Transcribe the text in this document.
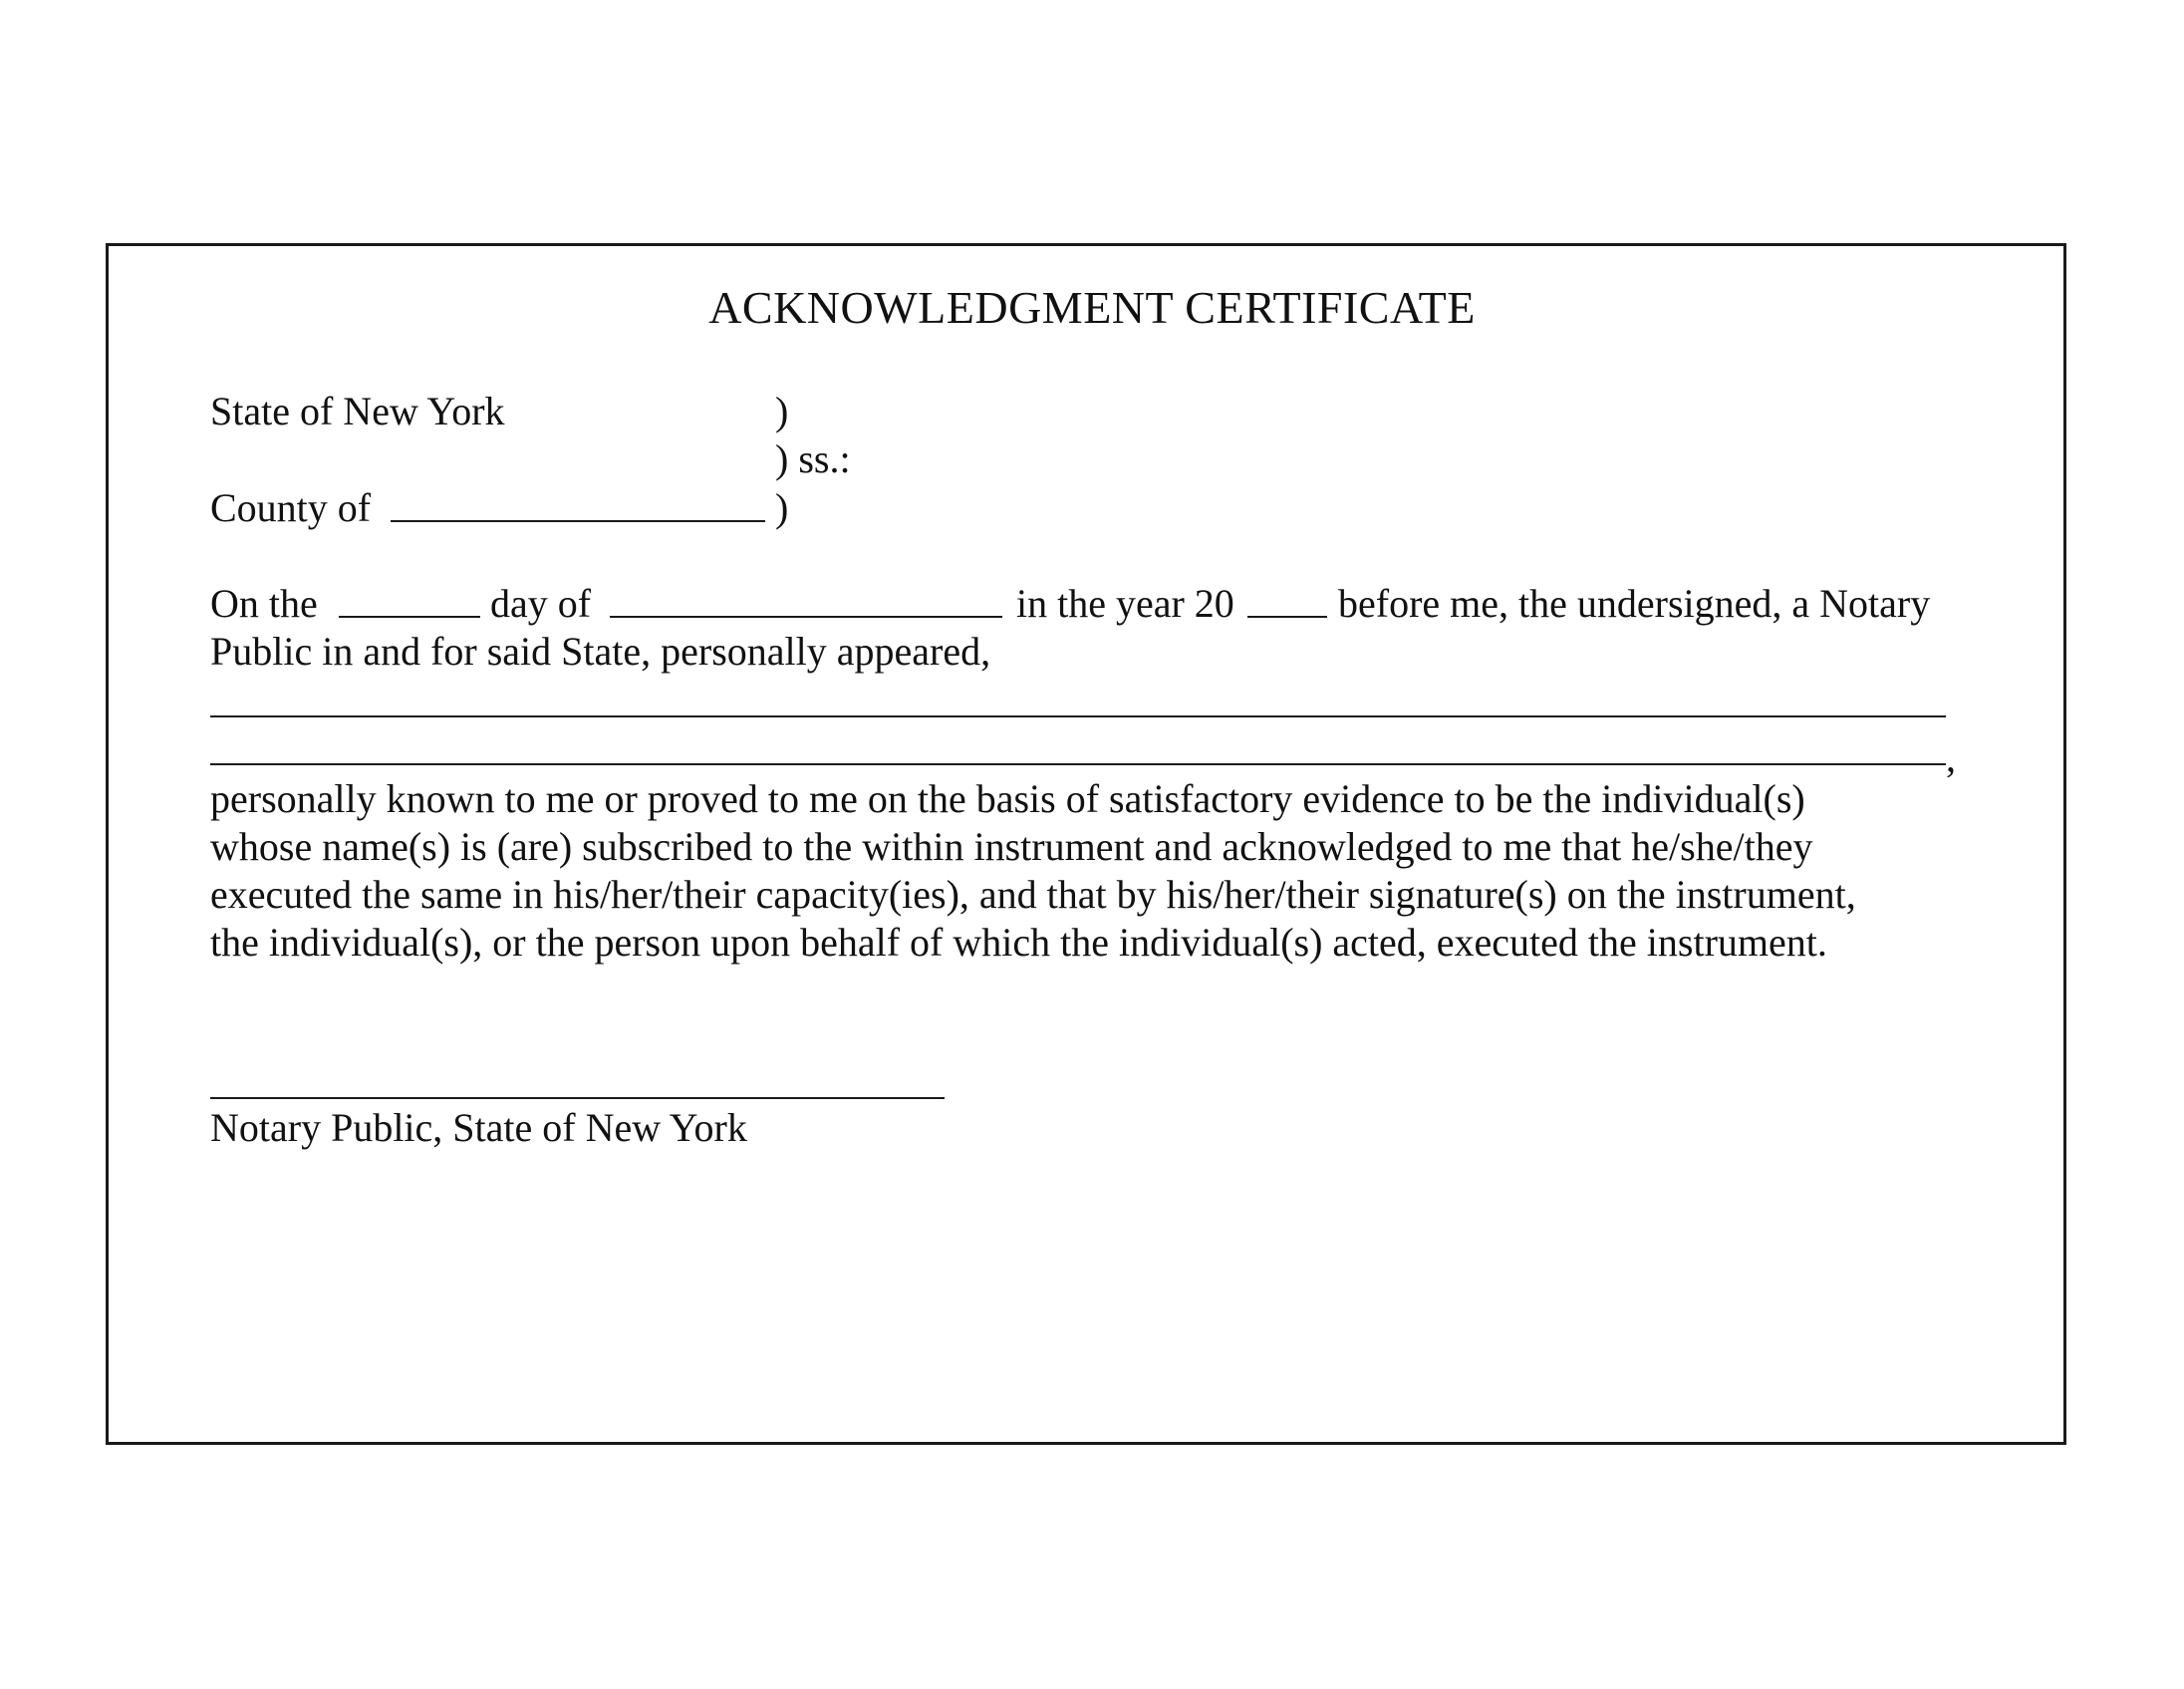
ACKNOWLEDGMENT CERTIFICATE
State of New York	)
) ss.:
)
County of
On the	day of	in the year 20	before me, the undersigned, a Notary
Public in and for said State, personally appeared,
,
personally known to me or proved to me on the basis of satisfactory evidence to be the individual(s)
whose name(s) is (are) subscribed to the within instrument and acknowledged to me that he/she/they
executed the same in his/her/their capacity(ies), and that by his/her/their signature(s) on the instrument,
the individual(s), or the person upon behalf of which the individual(s) acted, executed the instrument.
Notary Public, State of New York
